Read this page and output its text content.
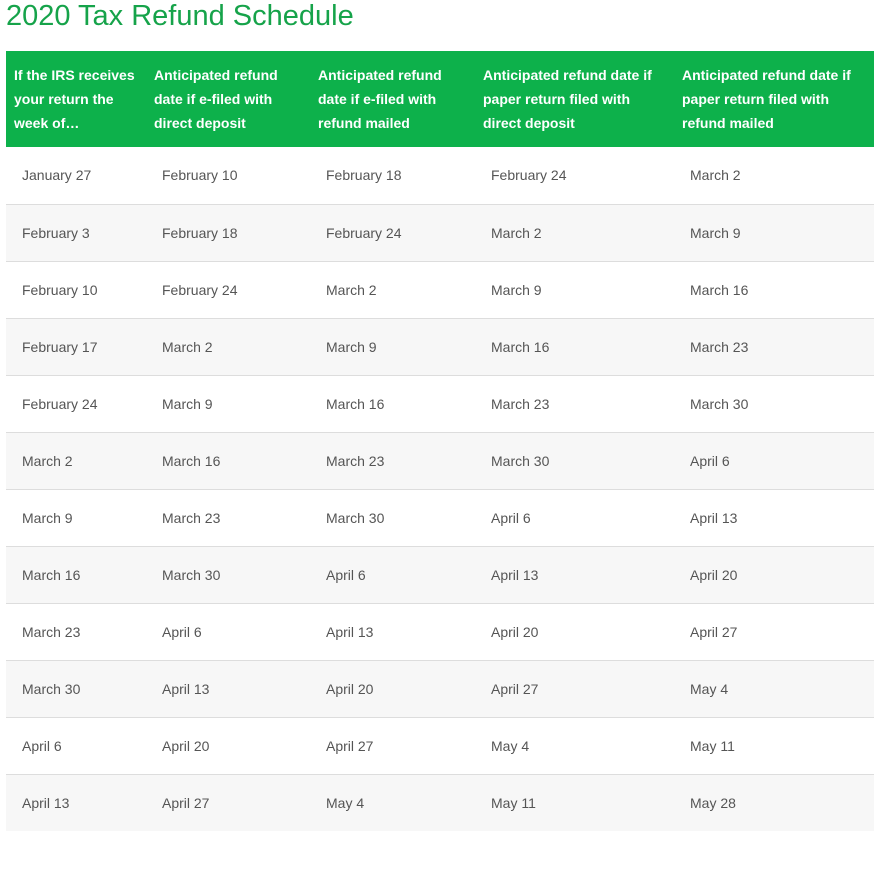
2020 Tax Refund Schedule
If the IRS receives your return the week of…	Anticipated refund date if e-filed with direct deposit	Anticipated refund date if e-filed with refund mailed	Anticipated refund date if paper return filed with direct deposit	Anticipated refund date if paper return filed with refund mailed
January 27	February 10	February 18	February 24	March 2
February 3	February 18	February 24	March 2	March 9
February 10	February 24	March 2	March 9	March 16
February 17	March 2	March 9	March 16	March 23
February 24	March 9	March 16	March 23	March 30
March 2	March 16	March 23	March 30	April 6
March 9	March 23	March 30	April 6	April 13
March 16	March 30	April 6	April 13	April 20
March 23	April 6	April 13	April 20	April 27
March 30	April 13	April 20	April 27	May 4
April 6	April 20	April 27	May 4	May 11
April 13	April 27	May 4	May 11	May 28
